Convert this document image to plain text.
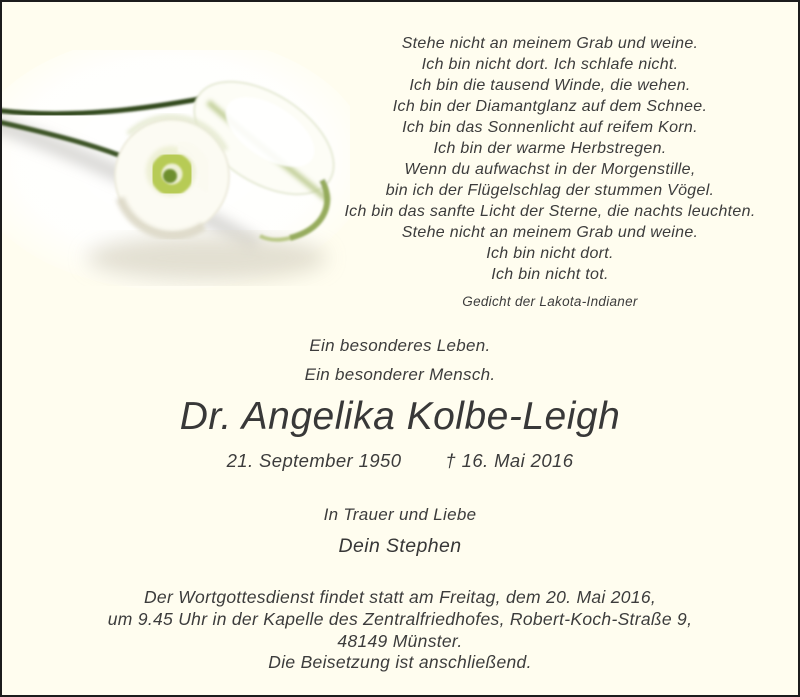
Stehe nicht an meinem Grab und weine.
Ich bin nicht dort. Ich schlafe nicht.
Ich bin die tausend Winde, die wehen.
Ich bin der Diamantglanz auf dem Schnee.
Ich bin das Sonnenlicht auf reifem Korn.
Ich bin der warme Herbstregen.
Wenn du aufwachst in der Morgenstille,
bin ich der Flügelschlag der stummen Vögel.
Ich bin das sanfte Licht der Sterne, die nachts leuchten.
Stehe nicht an meinem Grab und weine.
Ich bin nicht dort.
Ich bin nicht tot.
Gedicht der Lakota-Indianer
Ein besonderes Leben.
Ein besonderer Mensch.
Dr. Angelika Kolbe-Leigh
21. September 1950 † 16. Mai 2016
In Trauer und Liebe
Dein Stephen
Der Wortgottesdienst findet statt am Freitag, dem 20. Mai 2016,
um 9.45 Uhr in der Kapelle des Zentralfriedhofes, Robert-Koch-Straße 9,
48149 Münster.
Die Beisetzung ist anschließend.
